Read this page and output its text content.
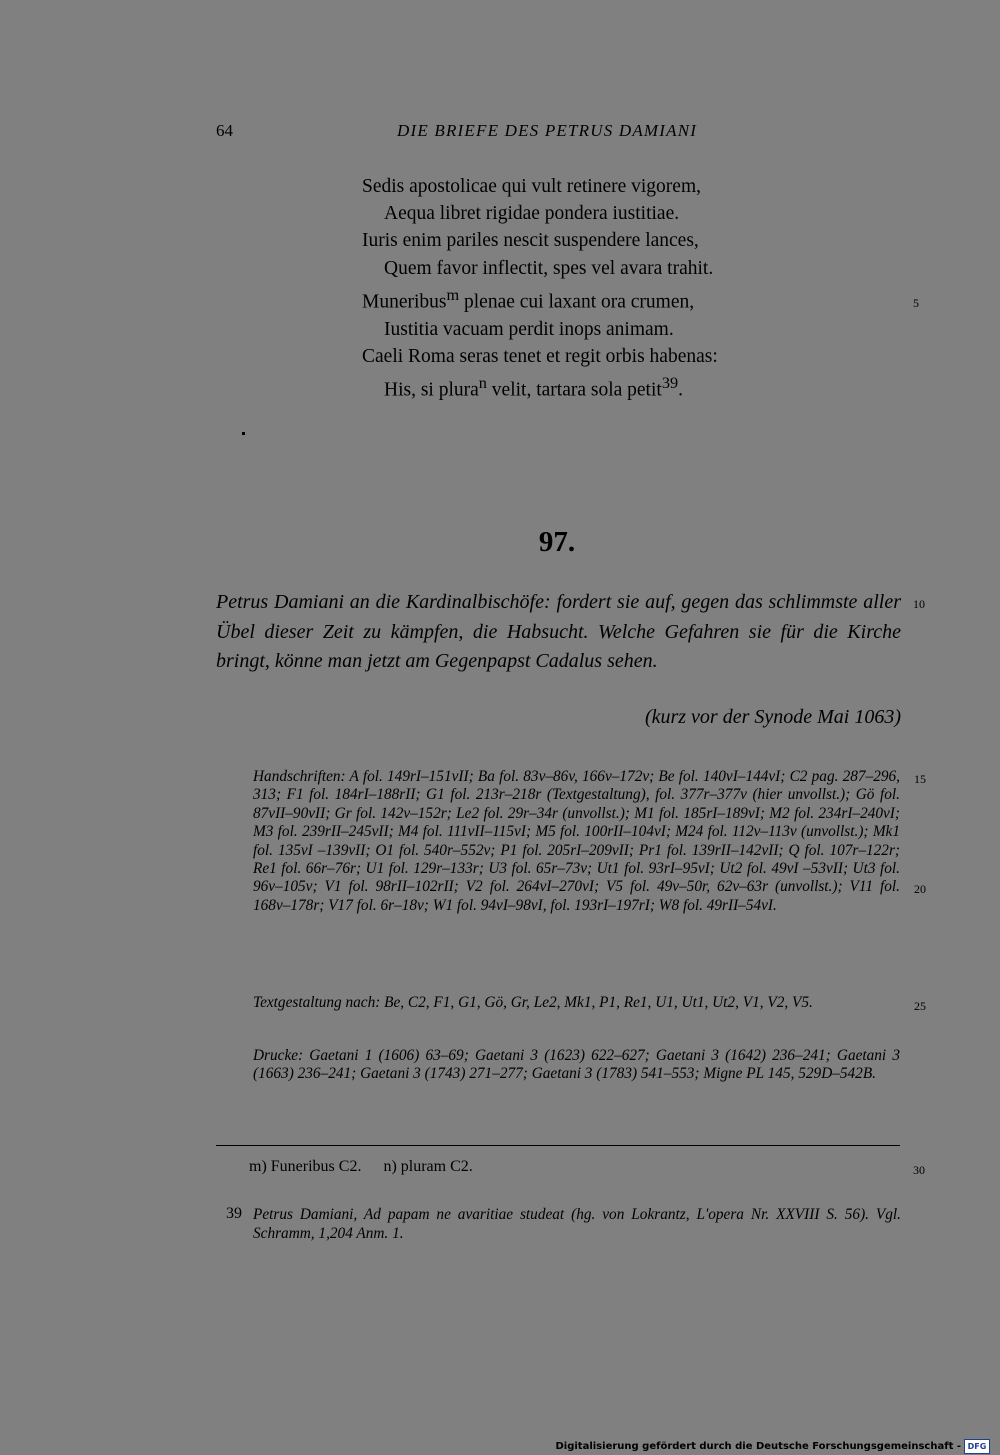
64	DIE BRIEFE DES PETRUS DAMIANI
Sedis apostolicae qui vult retinere vigorem,
Aequa libret rigidae pondera iustitiae.
Iuris enim pariles nescit suspendere lances,
Quem favor inflectit, spes vel avara trahit.
Muneribus$^m$ plenae cui laxant ora crumen,
Iustitia vacuam perdit inops animam.
Caeli Roma seras tenet et regit orbis habenas:
His, si plura$^n$ velit, tartara sola petit$^{39}$.
5
10
15
20
25
30
97.
Petrus Damiani an die Kardinalbischöfe: fordert sie auf, gegen das schlimmste aller Übel dieser Zeit zu kämpfen, die Habsucht. Welche Gefahren sie für die Kirche bringt, könne man jetzt am Gegenpapst Cadalus sehen.
(kurz vor der Synode Mai 1063)
Handschriften: A fol. 149rI–151vII; Ba fol. 83v–86v, 166v–172v; Be fol. 140vI–144vI; C2 pag. 287–296, 313; F1 fol. 184rI–188rII; G1 fol. 213r–218r (Textgestaltung), fol. 377r–377v (hier unvollst.); Gö fol. 87vII–90vII; Gr fol. 142v–152r; Le2 fol. 29r–34r (unvollst.); M1 fol. 185rI–189vI; M2 fol. 234rI–240vI; M3 fol. 239rII–245vII; M4 fol. 111vII–115vI; M5 fol. 100rII–104vI; M24 fol. 112v–113v (unvollst.); Mk1 fol. 135vI –139vII; O1 fol. 540r–552v; P1 fol. 205rI–209vII; Pr1 fol. 139rII–142vII; Q fol. 107r–122r; Re1 fol. 66r–76r; U1 fol. 129r–133r; U3 fol. 65r–73v; Ut1 fol. 93rI–95vI; Ut2 fol. 49vI –53vII; Ut3 fol. 96v–105v; V1 fol. 98rII–102rII; V2 fol. 264vI–270vI; V5 fol. 49v–50r, 62v–63r (unvollst.); V11 fol. 168v–178r; V17 fol. 6r–18v; W1 fol. 94vI–98vI, fol. 193rI–197rI; W8 fol. 49rII–54vI.
Textgestaltung nach: Be, C2, F1, G1, Gö, Gr, Le2, Mk1, P1, Re1, U1, Ut1, Ut2, V1, V2, V5.
Drucke: Gaetani 1 (1606) 63–69; Gaetani 3 (1623) 622–627; Gaetani 3 (1642) 236–241; Gaetani 3 (1663) 236–241; Gaetani 3 (1743) 271–277; Gaetani 3 (1783) 541–553; Migne PL 145, 529D–542B.
m) Funeribus C2. n) pluram C2.
39 Petrus Damiani, Ad papam ne avaritiae studeat (hg. von Lokrantz, L'opera Nr. XXVIII S. 56). Vgl. Schramm, 1,204 Anm. 1.
Digitalisierung gefördert durch die Deutsche Forschungsgemeinschaft - DFG
